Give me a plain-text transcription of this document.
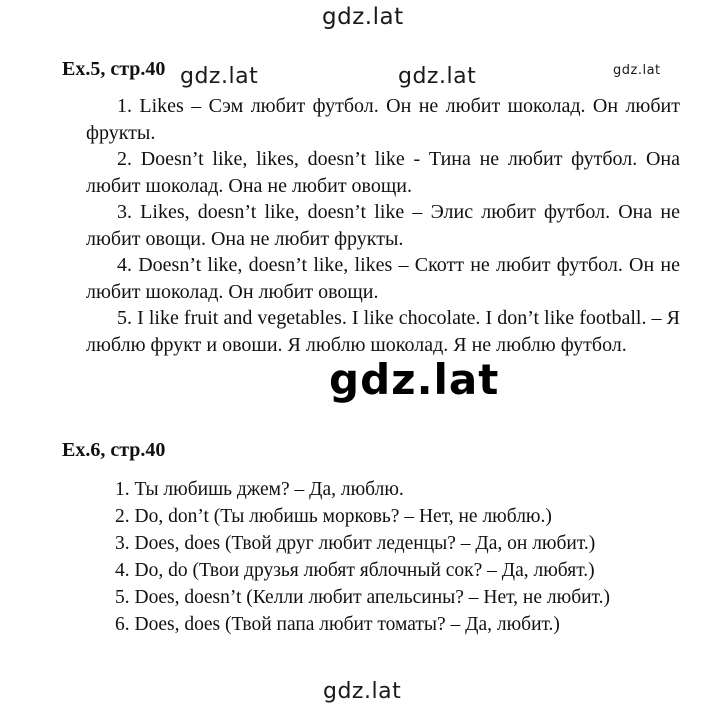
gdz.lat
gdz.lat	gdz.lat	gdz.lat
Ex.5, стр.40

1. Likes – Сэм любит футбол. Он не любит шоколад. Он любит фрукты.

2. Doesn’t like, likes, doesn’t like - Тина не любит футбол. Она любит шоколад. Она не любит овощи.

3. Likes, doesn’t like, doesn’t like – Элис любит футбол. Она не любит овощи. Она не любит фрукты.

4. Doesn’t like, doesn’t like, likes – Скотт не любит футбол. Он не любит шоколад. Он любит овощи.

5. I like fruit and vegetables. I like chocolate. I don’t like football. – Я люблю фрукт и овоши. Я люблю шоколад. Я не люблю футбол.

gdz.lat
Ex.6, стр.40

1. Ты любишь джем? – Да, люблю.

2. Do, don’t (Ты любишь морковь? – Нет, не люблю.)

3. Does, does (Твой друг любит леденцы? – Да, он любит.)

4. Do, do (Твои друзья любят яблочный сок? – Да, любят.)

5. Does, doesn’t (Келли любит апельсины? – Нет, не любит.)

6. Does, does (Твой папа любит томаты? – Да, любит.)

gdz.lat
